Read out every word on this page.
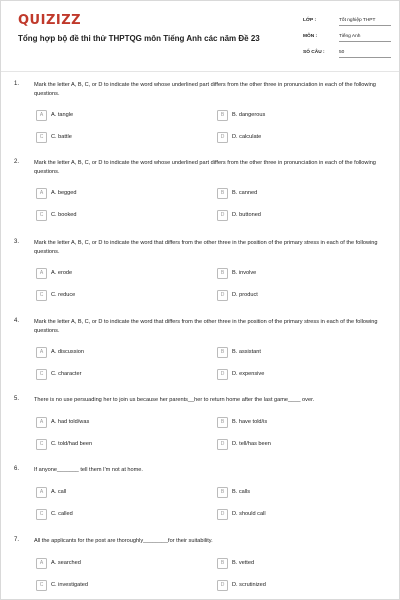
QUIZIZZ
Tổng hợp bộ đề thi thử THPTQG môn Tiếng Anh các năm Đề 23
LỚP :	Tốt nghiệp THPT
MÔN :	Tiếng Anh
SỐ CÂU :	50
1.	Mark the letter A, B, C, or D to indicate the word whose underlined part differs from the other three in pronunciation in each of the following questions.
A	A. tangle	B	B. dangerous
C	C. battle	D	D. calculate
2.	Mark the letter A, B, C, or D to indicate the word whose underlined part differs from the other three in pronunciation in each of the following questions.
A	A. begged	B	B. canned
C	C. booked	D	D. buttoned
3.	Mark the letter A, B, C, or D to indicate the word that differs from the other three in the position of the primary stress in each of the following questions.
A	A. erode	B	B. involve
C	C. reduce	D	D. product
4.	Mark the letter A, B, C, or D to indicate the word that differs from the other three in the position of the primary stress in each of the following questions.
A	A. discussion	B	B. assistant
C	C. character	D	D. expensive
5.	There is no use persuading her to join us because her parents__her to return home after the last game____ over.
A	A. had told/was	B	B. have told/is
C	C. told/had been	D	D. tell/has been
6.	If anyone_______ tell them I'm not at home.
A	A. call	B	B. calls
C	C. called	D	D. should call
7.	All the applicants for the post are thoroughly________for their suitability.
A	A. searched	B	B. vetted
C	C. investigated	D	D. scrutinized
